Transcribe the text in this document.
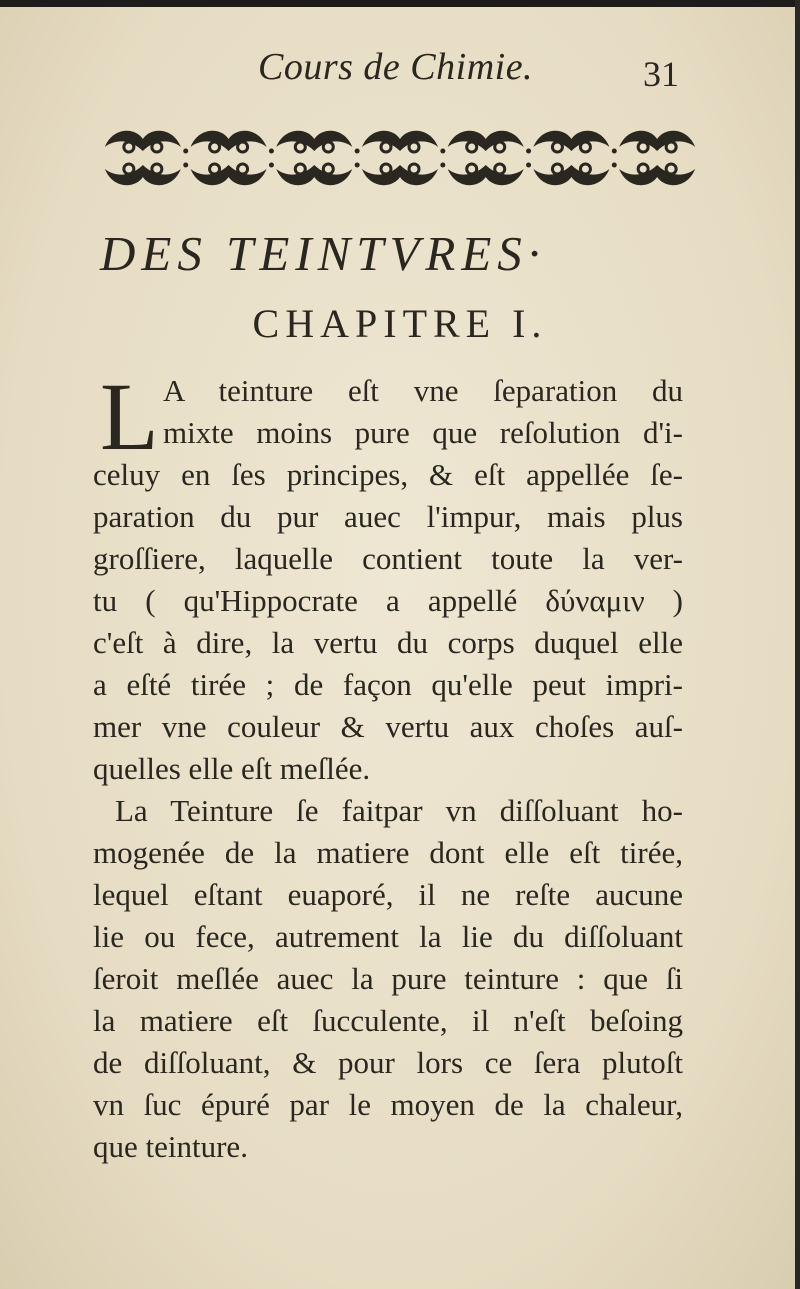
Cours de Chimie.	31
DES TEINTVRES·
CHAPITRE I.
L A teinture eſt vne ſeparation du
mixte moins pure que reſolution d'i-
celuy en ſes principes, & eſt appellée ſe-
paration du pur auec l'impur, mais plus
groſſiere, laquelle contient toute la ver-
tu ( qu'Hippocrate a appellé δύναμιν )
c'eſt à dire, la vertu du corps duquel elle
a eſté tirée ; de façon qu'elle peut impri-
mer vne couleur & vertu aux choſes auſ-
quelles elle eſt meſlée.
La Teinture ſe faitpar vn diſſoluant ho-
mogenée de la matiere dont elle eſt tirée,
lequel eſtant euaporé, il ne reſte aucune
lie ou fece, autrement la lie du diſſoluant
ſeroit meſlée auec la pure teinture : que ſi
la matiere eſt ſucculente, il n'eſt beſoing
de diſſoluant, & pour lors ce ſera plutoſt
vn ſuc épuré par le moyen de la chaleur,
que teinture.
